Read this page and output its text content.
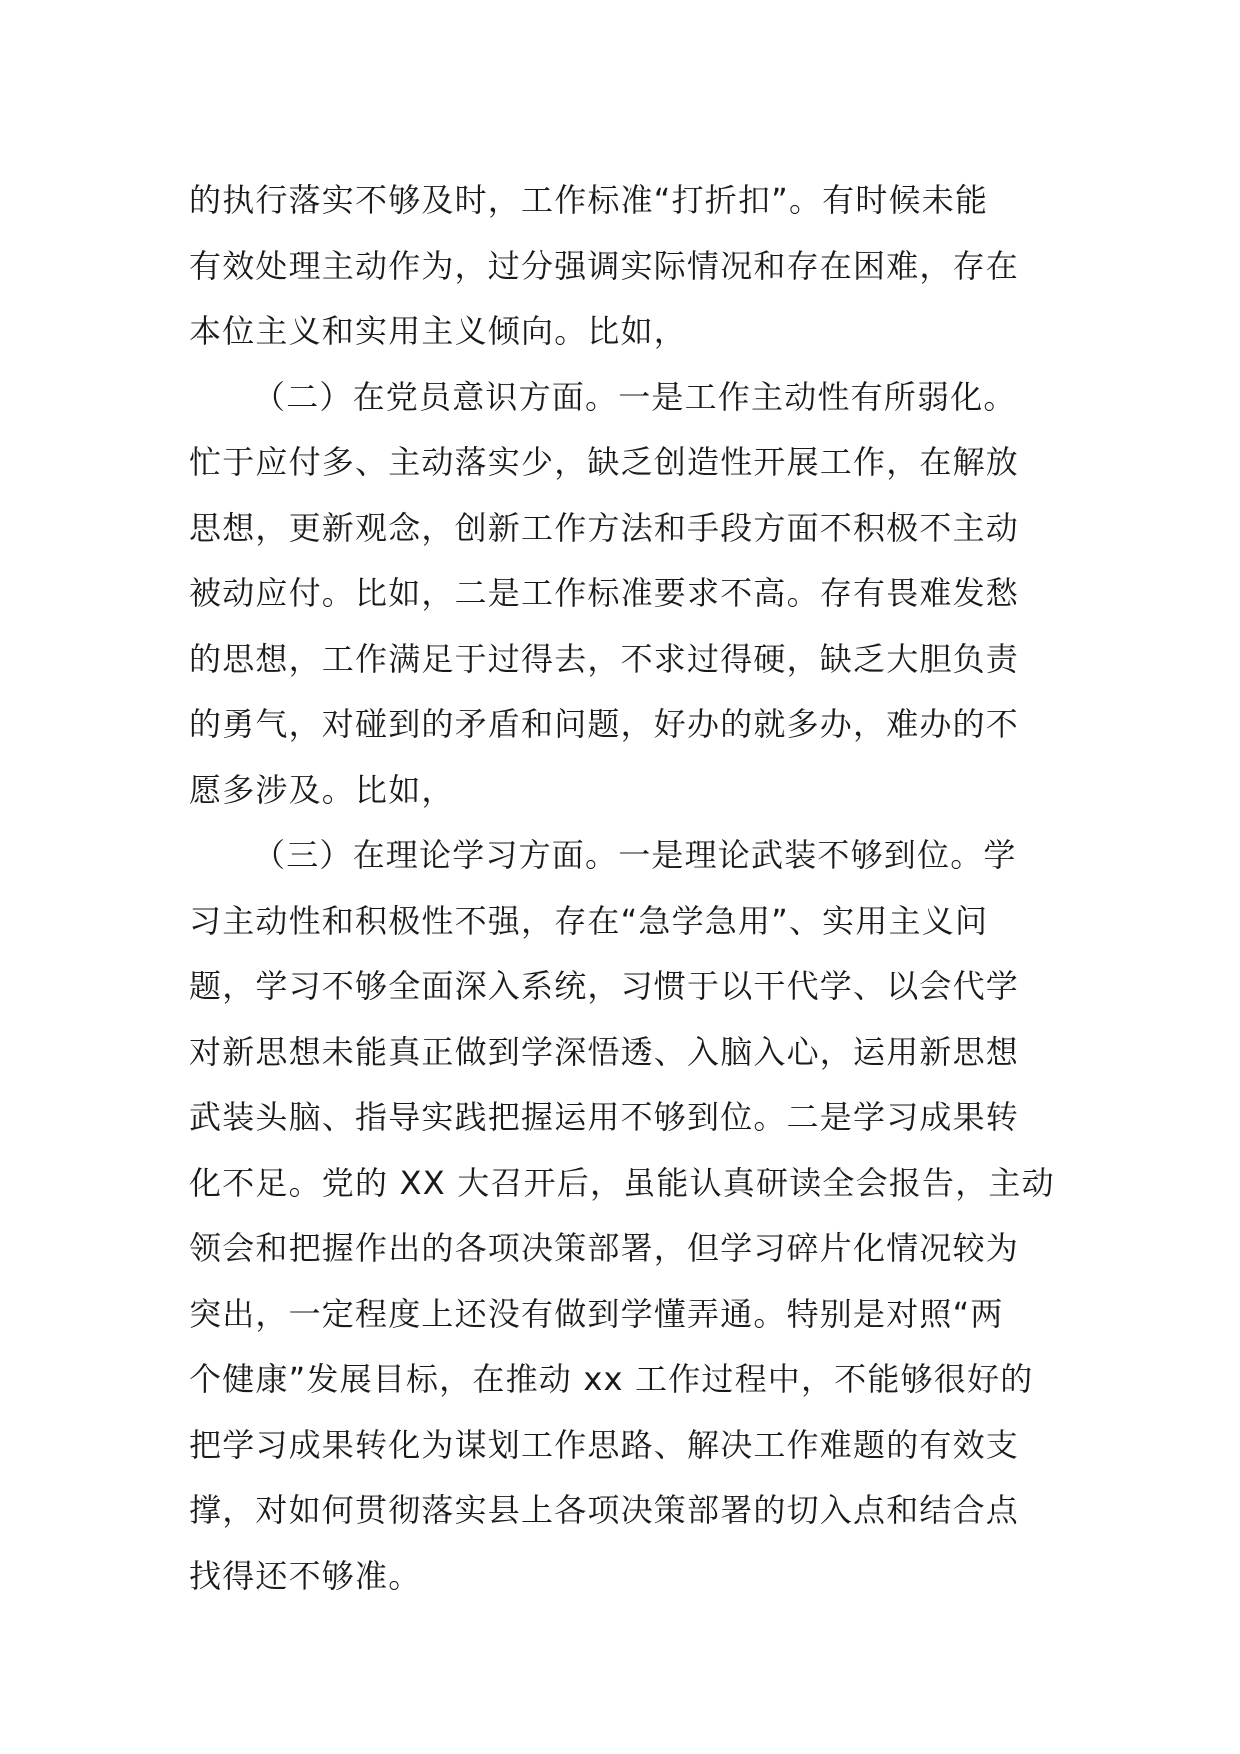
的执行落实不够及时，工作标准“打折扣”。有时候未能
有效处理主动作为，过分强调实际情况和存在困难，存在
本位主义和实用主义倾向。比如，
（二）在党员意识方面。一是工作主动性有所弱化。
忙于应付多、主动落实少，缺乏创造性开展工作，在解放
思想，更新观念，创新工作方法和手段方面不积极不主动
被动应付。比如，二是工作标准要求不高。存有畏难发愁
的思想，工作满足于过得去，不求过得硬，缺乏大胆负责
的勇气，对碰到的矛盾和问题，好办的就多办，难办的不
愿多涉及。比如，
（三）在理论学习方面。一是理论武装不够到位。学
习主动性和积极性不强，存在“急学急用”、实用主义问
题，学习不够全面深入系统，习惯于以干代学、以会代学
对新思想未能真正做到学深悟透、入脑入心，运用新思想
武装头脑、指导实践把握运用不够到位。二是学习成果转
化不足。党的 XX 大召开后，虽能认真研读全会报告，主动
领会和把握作出的各项决策部署，但学习碎片化情况较为
突出，一定程度上还没有做到学懂弄通。特别是对照“两
个健康”发展目标，在推动 xx 工作过程中，不能够很好的
把学习成果转化为谋划工作思路、解决工作难题的有效支
撑，对如何贯彻落实县上各项决策部署的切入点和结合点
找得还不够准。
